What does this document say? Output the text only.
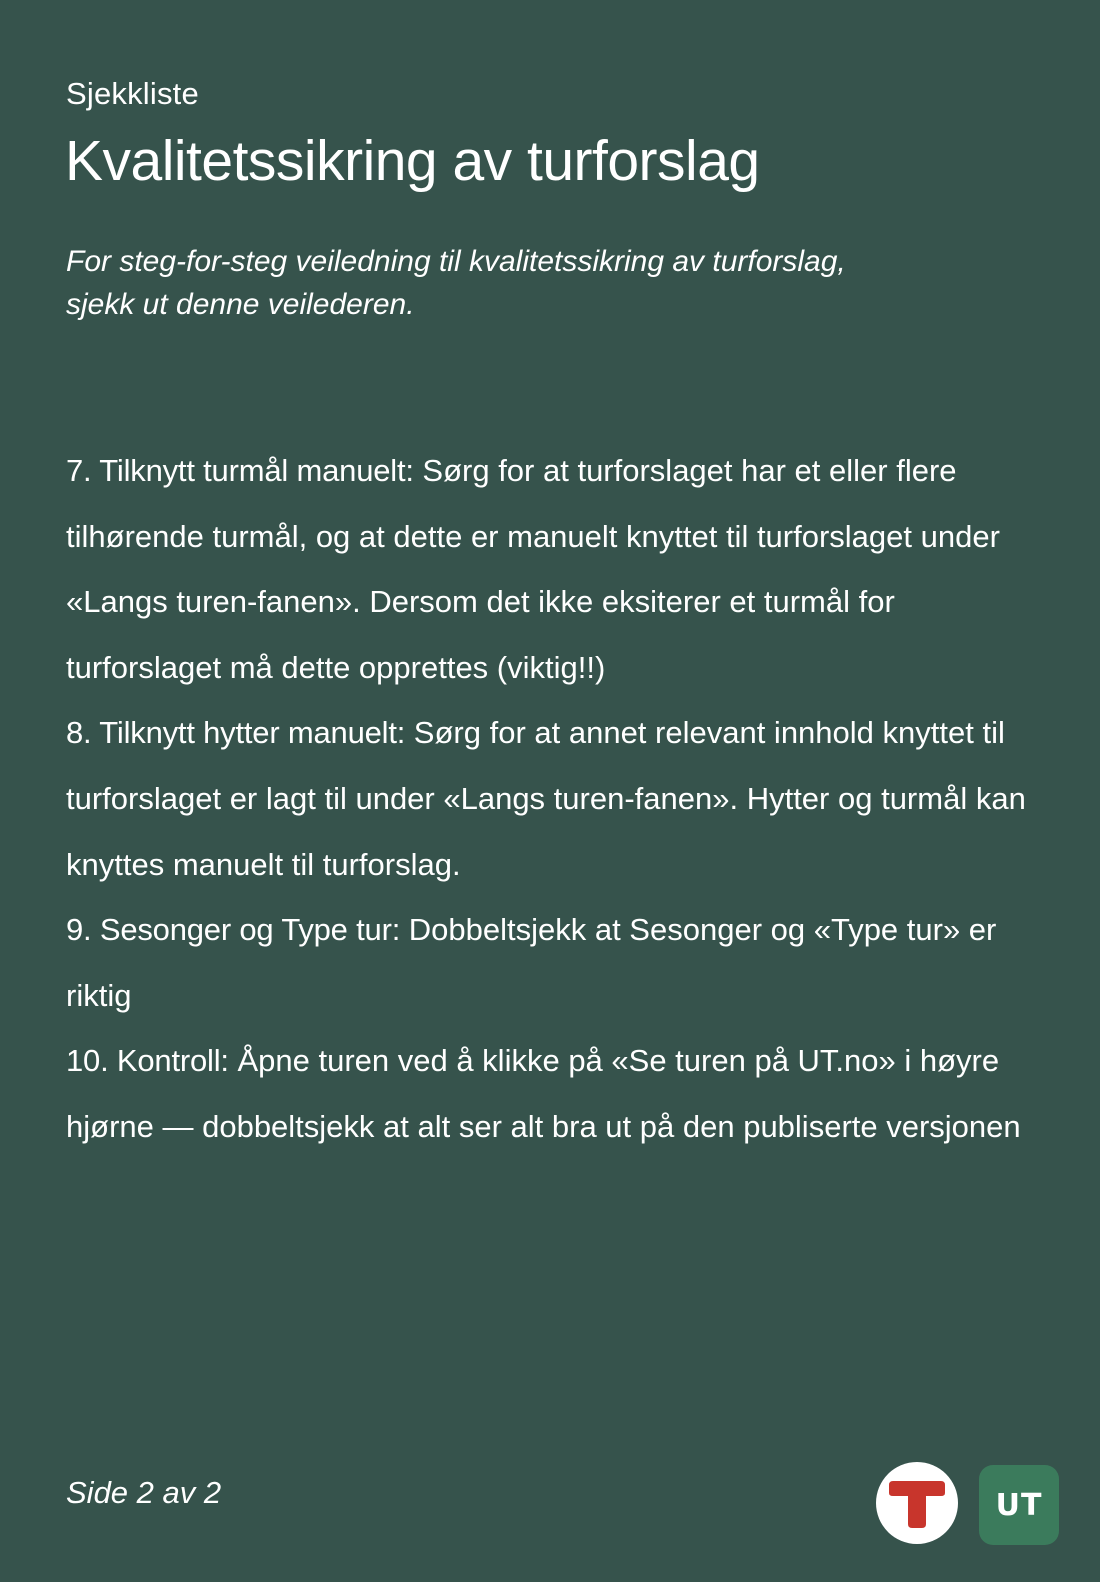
Sjekkliste
Kvalitetssikring av turforslag
For steg-for-steg veiledning til kvalitetssikring av turforslag,
sjekk ut denne veilederen.
7. Tilknytt turmål manuelt: Sørg for at turforslaget har et eller flere tilhørende turmål, og at dette er manuelt knyttet til turforslaget under «Langs turen-fanen». Dersom det ikke eksiterer et turmål for turforslaget må dette opprettes (viktig!!)
8. Tilknytt hytter manuelt: Sørg for at annet relevant innhold knyttet til turforslaget er lagt til under «Langs turen-fanen». Hytter og turmål kan knyttes manuelt til turforslag.
9. Sesonger og Type tur: Dobbeltsjekk at Sesonger og «Type tur» er riktig
10. Kontroll: Åpne turen ved å klikke på «Se turen på UT.no» i høyre hjørne — dobbeltsjekk at alt ser alt bra ut på den publiserte versjonen
Side 2 av 2	UT
